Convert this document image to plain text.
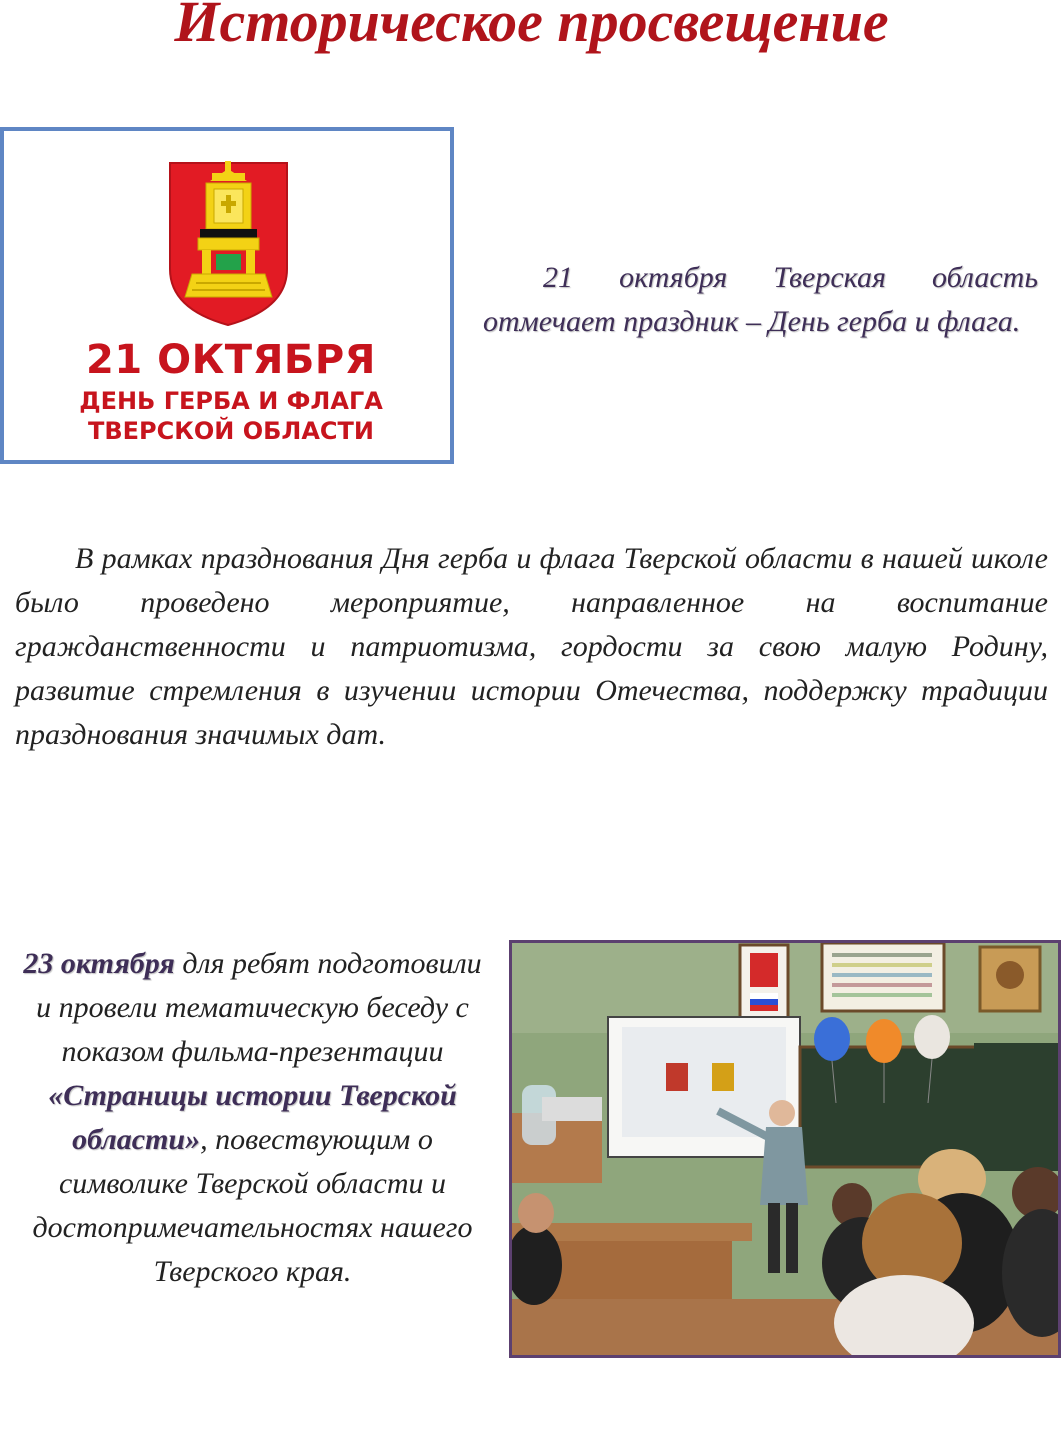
Историческое просвещение
21 ОКТЯБРЯ
ДЕНЬ ГЕРБА И ФЛАГА
ТВЕРСКОЙ ОБЛАСТИ

21 октября Тверская область отмечает праздник – День герба и флага.

В рамках празднования Дня герба и флага Тверской области в нашей школе было проведено мероприятие, направленное на воспитание гражданственности и патриотизма, гордости за свою малую Родину, развитие стремления в изучении истории Отечества, поддержку традиции празднования значимых дат.

23 октября для ребят подготовили и провели тематическую беседу с показом фильма-презентации «Страницы истории Тверской области», повествующим о символике Тверской области и достопримечательностях нашего Тверского края.
